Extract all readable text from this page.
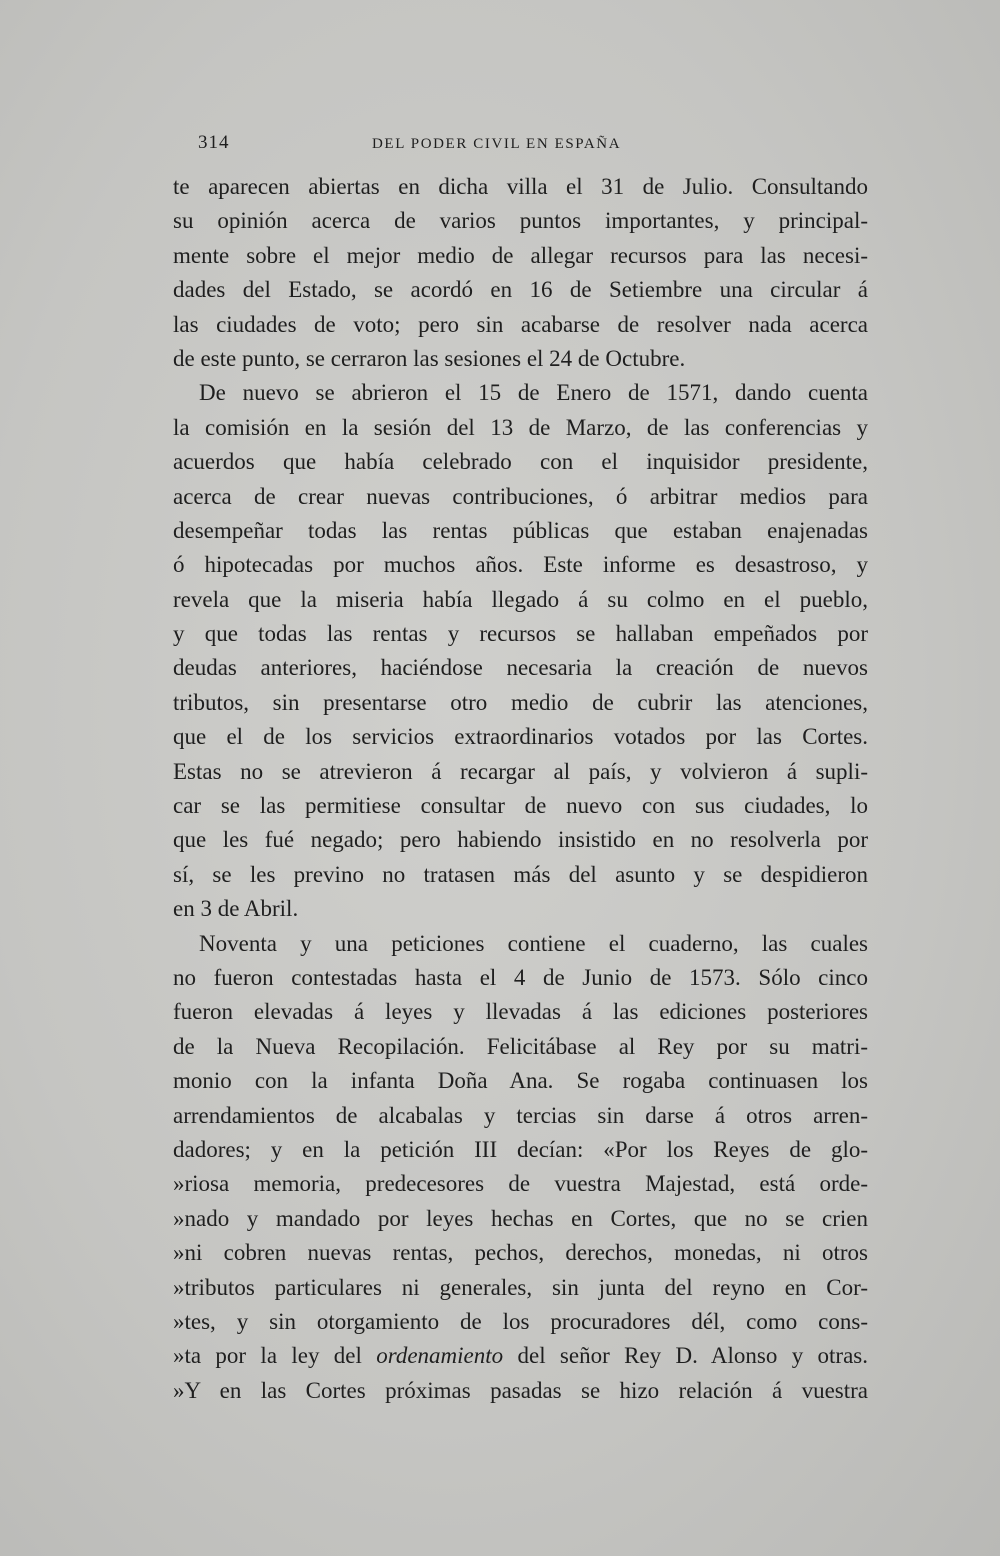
314	DEL PODER CIVIL EN ESPAÑA
te aparecen abiertas en dicha villa el 31 de Julio. Consultando
su opinión acerca de varios puntos importantes, y principal-
mente sobre el mejor medio de allegar recursos para las necesi-
dades del Estado, se acordó en 16 de Setiembre una circular á
las ciudades de voto; pero sin acabarse de resolver nada acerca
de este punto, se cerraron las sesiones el 24 de Octubre.
De nuevo se abrieron el 15 de Enero de 1571, dando cuenta
la comisión en la sesión del 13 de Marzo, de las conferencias y
acuerdos que había celebrado con el inquisidor presidente,
acerca de crear nuevas contribuciones, ó arbitrar medios para
desempeñar todas las rentas públicas que estaban enajenadas
ó hipotecadas por muchos años. Este informe es desastroso, y
revela que la miseria había llegado á su colmo en el pueblo,
y que todas las rentas y recursos se hallaban empeñados por
deudas anteriores, haciéndose necesaria la creación de nuevos
tributos, sin presentarse otro medio de cubrir las atenciones,
que el de los servicios extraordinarios votados por las Cortes.
Estas no se atrevieron á recargar al país, y volvieron á supli-
car se las permitiese consultar de nuevo con sus ciudades, lo
que les fué negado; pero habiendo insistido en no resolverla por
sí, se les previno no tratasen más del asunto y se despidieron
en 3 de Abril.
Noventa y una peticiones contiene el cuaderno, las cuales
no fueron contestadas hasta el 4 de Junio de 1573. Sólo cinco
fueron elevadas á leyes y llevadas á las ediciones posteriores
de la Nueva Recopilación. Felicitábase al Rey por su matri-
monio con la infanta Doña Ana. Se rogaba continuasen los
arrendamientos de alcabalas y tercias sin darse á otros arren-
dadores; y en la petición III decían: «Por los Reyes de glo-
»riosa memoria, predecesores de vuestra Majestad, está orde-
»nado y mandado por leyes hechas en Cortes, que no se crien
»ni cobren nuevas rentas, pechos, derechos, monedas, ni otros
»tributos particulares ni generales, sin junta del reyno en Cor-
»tes, y sin otorgamiento de los procuradores dél, como cons-
»ta por la ley del ordenamiento del señor Rey D. Alonso y otras.
»Y en las Cortes próximas pasadas se hizo relación á vuestra
